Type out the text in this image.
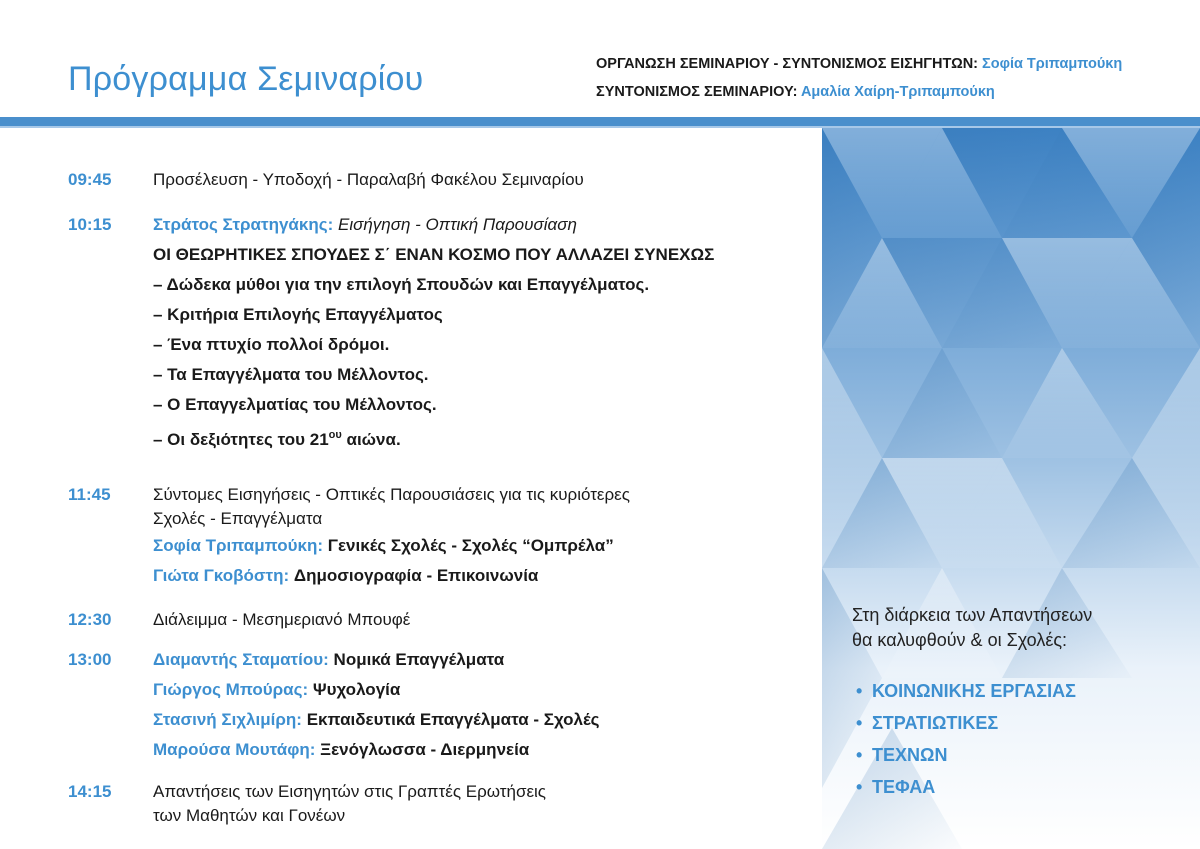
Πρόγραμμα Σεμιναρίου	ΟΡΓΑΝΩΣΗ ΣΕΜΙΝΑΡΙΟΥ - ΣΥΝΤΟΝΙΣΜΟΣ ΕΙΣΗΓΗΤΩΝ: Σοφία Τριπαμπούκη
ΣΥΝΤΟΝΙΣΜΟΣ ΣΕΜΙΝΑΡΙΟΥ: Αμαλία Χαίρη-Τριπαμπούκη
Στη διάρκεια των Απαντήσεων
θα καλυφθούν & οι Σχολές:
• ΚΟΙΝΩΝΙΚΗΣ ΕΡΓΑΣΙΑΣ
• ΣΤΡΑΤΙΩΤΙΚΕΣ
• ΤΕΧΝΩΝ
• ΤΕΦΑΑ
09:45 Προσέλευση - Υποδοχή - Παραλαβή Φακέλου Σεμιναρίου
10:15 Στράτος Στρατηγάκης: Εισήγηση - Οπτική Παρουσίαση
ΟΙ ΘΕΩΡΗΤΙΚΕΣ ΣΠΟΥΔΕΣ Σ΄ ΕΝΑΝ ΚΟΣΜΟ ΠΟΥ ΑΛΛΑΖΕΙ ΣΥΝΕΧΩΣ
– Δώδεκα μύθοι για την επιλογή Σπουδών και Επαγγέλματος.
– Κριτήρια Επιλογής Επαγγέλματος
– Ένα πτυχίο πολλοί δρόμοι.
– Τα Επαγγέλματα του Μέλλοντος.
– Ο Επαγγελματίας του Μέλλοντος.
– Οι δεξιότητες του $21^{o\upsilon}$ αιώνα.
11:45 Σύντομες Εισηγήσεις - Οπτικές Παρουσιάσεις για τις κυριότερες
Σχολές - Επαγγέλματα
Σοφία Τριπαμπούκη: Γενικές Σχολές - Σχολές “Ομπρέλα”
Γιώτα Γκοβόστη: Δημοσιογραφία - Επικοινωνία
12:30 Διάλειμμα - Μεσημεριανό Μπουφέ
13:00 Διαμαντής Σταματίου: Νομικά Επαγγέλματα
Γιώργος Μπούρας: Ψυχολογία
Στασινή Σιχλιμίρη: Εκπαιδευτικά Επαγγέλματα - Σχολές
Μαρούσα Μουτάφη: Ξενόγλωσσα - Διερμηνεία
14:15 Απαντήσεις των Εισηγητών στις Γραπτές Ερωτήσεις
των Μαθητών και Γονέων
